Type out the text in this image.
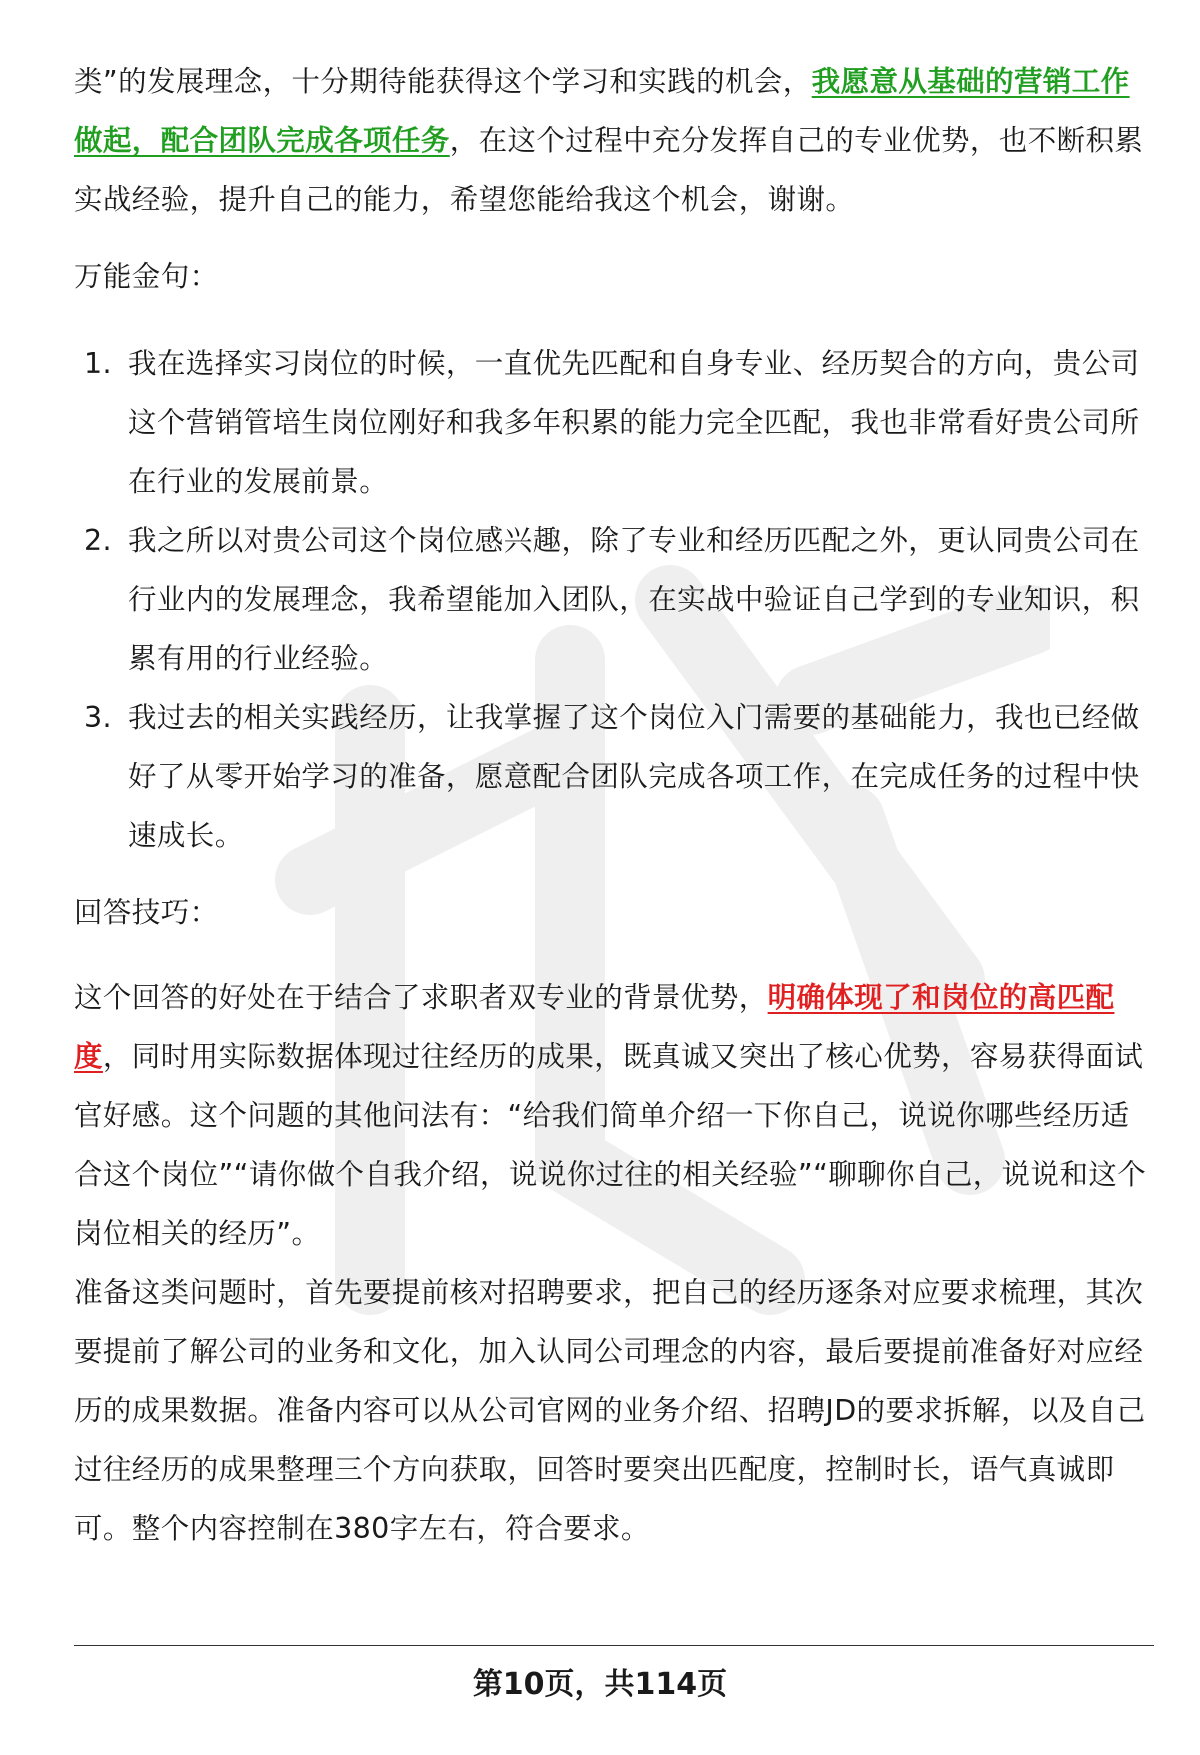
类”的发展理念，十分期待能获得这个学习和实践的机会，我愿意从基础的营销工作做起，配合团队完成各项任务，在这个过程中充分发挥自己的专业优势，也不断积累实战经验，提升自己的能力，希望您能给我这个机会，谢谢。

万能金句：

1. 我在选择实习岗位的时候，一直优先匹配和自身专业、经历契合的方向，贵公司这个营销管培生岗位刚好和我多年积累的能力完全匹配，我也非常看好贵公司所在行业的发展前景。
2. 我之所以对贵公司这个岗位感兴趣，除了专业和经历匹配之外，更认同贵公司在行业内的发展理念，我希望能加入团队，在实战中验证自己学到的专业知识，积累有用的行业经验。
3. 我过去的相关实践经历，让我掌握了这个岗位入门需要的基础能力，我也已经做好了从零开始学习的准备，愿意配合团队完成各项工作，在完成任务的过程中快速成长。

回答技巧：

这个回答的好处在于结合了求职者双专业的背景优势，明确体现了和岗位的高匹配度，同时用实际数据体现过往经历的成果，既真诚又突出了核心优势，容易获得面试官好感。这个问题的其他问法有：“给我们简单介绍一下你自己，说说你哪些经历适合这个岗位”“请你做个自我介绍，说说你过往的相关经验”“聊聊你自己，说说和这个岗位相关的经历”。

准备这类问题时，首先要提前核对招聘要求，把自己的经历逐条对应要求梳理，其次要提前了解公司的业务和文化，加入认同公司理念的内容，最后要提前准备好对应经历的成果数据。准备内容可以从公司官网的业务介绍、招聘JD的要求拆解，以及自己过往经历的成果整理三个方向获取，回答时要突出匹配度，控制时长，语气真诚即可。整个内容控制在380字左右，符合要求。

第10页，共114页
